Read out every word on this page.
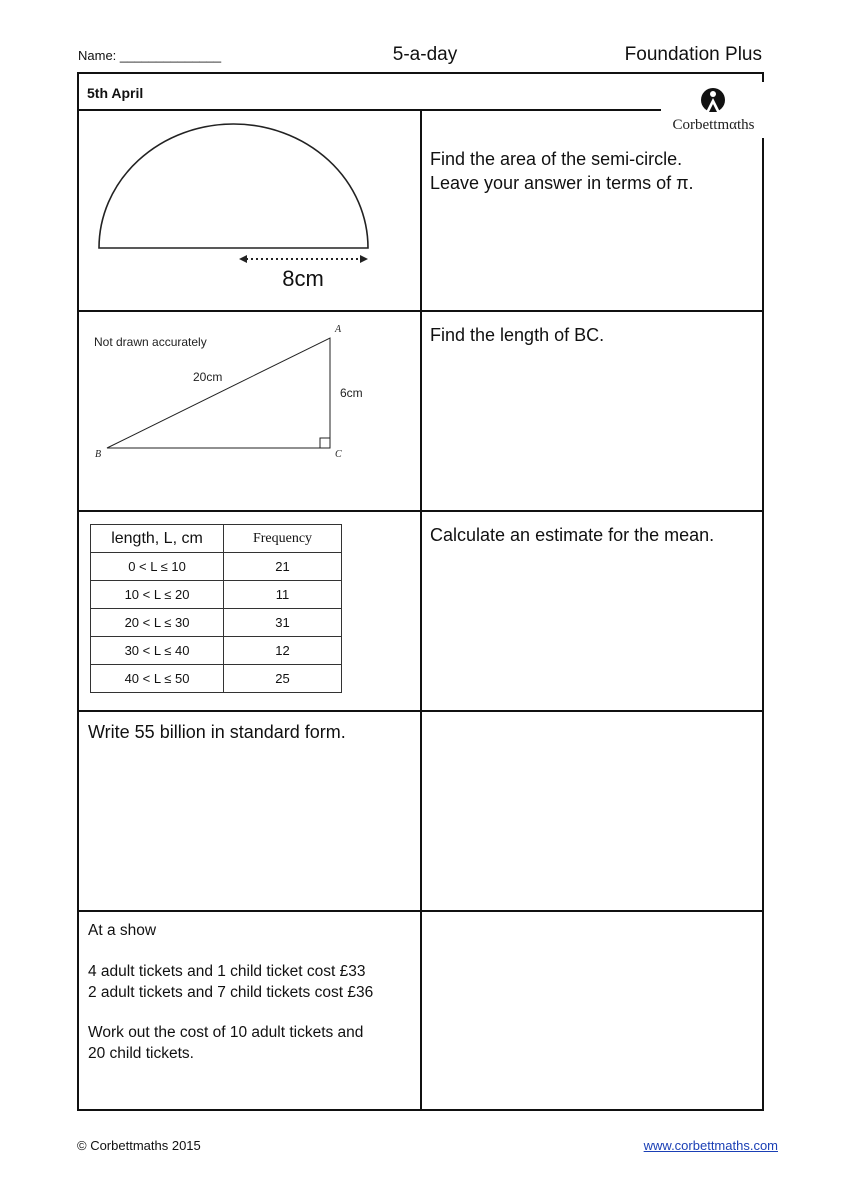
Name: ______________	5-a-day	Foundation Plus
5th April
Corbettmαths
8cm
Find the area of the semi-circle.
Leave your answer in terms of π.
Not drawn accurately
20cm
6cm
A
B	C
Find the length of BC.
length, L, cm	Frequency
0 < L ≤ 10	21
10 < L ≤ 20	11
20 < L ≤ 30	31
30 < L ≤ 40	12
40 < L ≤ 50	25
Calculate an estimate for the mean.
Write 55 billion in standard form.
At a show
4 adult tickets and 1 child ticket cost £33
2 adult tickets and 7 child tickets cost £36
Work out the cost of 10 adult tickets and
20 child tickets.
© Corbettmaths 2015	www.corbettmaths.com
